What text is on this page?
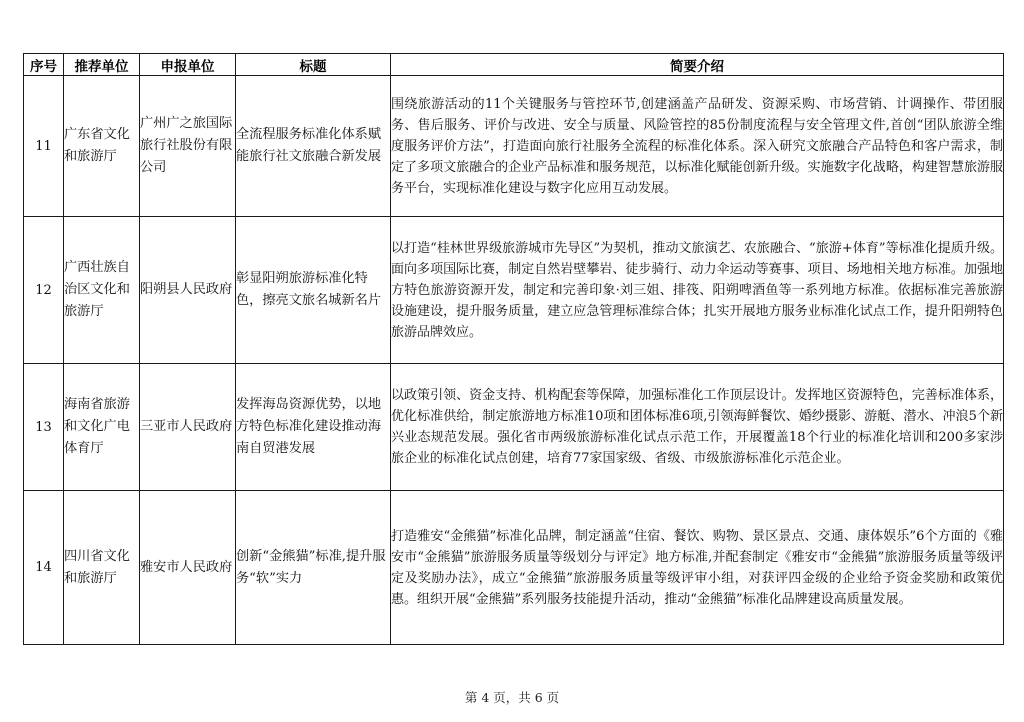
序号	推荐单位	申报单位	标题	简要介绍
11	广东省文化和旅游厅	广州广之旅国际旅行社股份有限公司	全流程服务标准化体系赋能旅行社文旅融合新发展	围绕旅游活动的11个关键服务与管控环节,创建涵盖产品研发、资源采购、市场营销、计调操作、带团服务、售后服务、评价与改进、安全与质量、风险管控的85份制度流程与安全管理文件,首创“团队旅游全维度服务评价方法”，打造面向旅行社服务全流程的标准化体系。深入研究文旅融合产品特色和客户需求，制定了多项文旅融合的企业产品标准和服务规范，以标准化赋能创新升级。实施数字化战略，构建智慧旅游服务平台，实现标准化建设与数字化应用互动发展。
12	广西壮族自治区文化和旅游厅	阳朔县人民政府	彰显阳朔旅游标准化特色，擦亮文旅名城新名片	以打造“桂林世界级旅游城市先导区”为契机，推动文旅演艺、农旅融合、“旅游+体育”等标准化提质升级。面向多项国际比赛，制定自然岩壁攀岩、徒步骑行、动力伞运动等赛事、项目、场地相关地方标准。加强地方特色旅游资源开发，制定和完善印象·刘三姐、排筏、阳朔啤酒鱼等一系列地方标准。依据标准完善旅游设施建设，提升服务质量，建立应急管理标准综合体；扎实开展地方服务业标准化试点工作，提升阳朔特色旅游品牌效应。
13	海南省旅游和文化广电体育厅	三亚市人民政府	发挥海岛资源优势，以地方特色标准化建设推动海南自贸港发展	以政策引领、资金支持、机构配套等保障，加强标准化工作顶层设计。发挥地区资源特色，完善标准体系，优化标准供给，制定旅游地方标准10项和团体标准6项,引领海鲜餐饮、婚纱摄影、游艇、潜水、冲浪5个新兴业态规范发展。强化省市两级旅游标准化试点示范工作，开展覆盖18个行业的标准化培训和200多家涉旅企业的标准化试点创建，培育77家国家级、省级、市级旅游标准化示范企业。
14	四川省文化和旅游厅	雅安市人民政府	创新“金熊猫”标准,提升服务“软”实力	打造雅安“金熊猫”标准化品牌，制定涵盖“住宿、餐饮、购物、景区景点、交通、康体娱乐”6个方面的《雅安市“金熊猫”旅游服务质量等级划分与评定》地方标准,并配套制定《雅安市“金熊猫”旅游服务质量等级评定及奖励办法》，成立“金熊猫”旅游服务质量等级评审小组，对获评四金级的企业给予资金奖励和政策优惠。组织开展“金熊猫”系列服务技能提升活动，推动“金熊猫”标准化品牌建设高质量发展。
第 4 页，共 6 页
